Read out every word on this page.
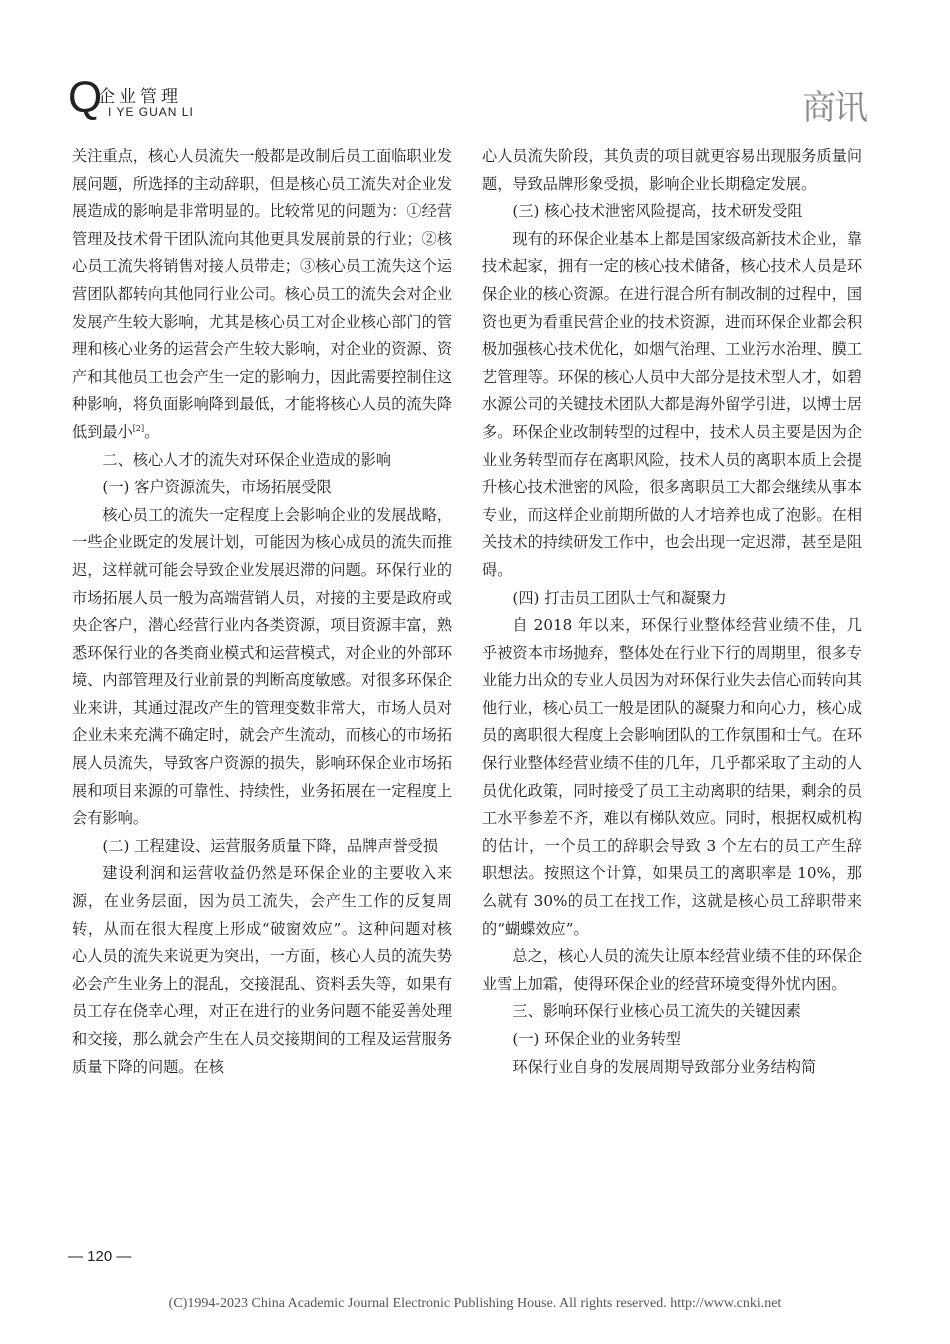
Q
企业管理
I YE GUAN LI	商讯

关注重点，核心人员流失一般都是改制后员工面临职业发展问题，所选择的主动辞职，但是核心员工流失对企业发展造成的影响是非常明显的。比较常见的问题为：①经营管理及技术骨干团队流向其他更具发展前景的行业；②核心员工流失将销售对接人员带走；③核心员工流失这个运营团队都转向其他同行业公司。核心员工的流失会对企业发展产生较大影响，尤其是核心员工对企业核心部门的管理和核心业务的运营会产生较大影响，对企业的资源、资产和其他员工也会产生一定的影响力，因此需要控制住这种影响，将负面影响降到最低，才能将核心人员的流失降低到最小[2]。

二、核心人才的流失对环保企业造成的影响

(一) 客户资源流失，市场拓展受限

核心员工的流失一定程度上会影响企业的发展战略，一些企业既定的发展计划，可能因为核心成员的流失而推迟，这样就可能会导致企业发展迟滞的问题。环保行业的市场拓展人员一般为高端营销人员，对接的主要是政府或央企客户，潜心经营行业内各类资源，项目资源丰富，熟悉环保行业的各类商业模式和运营模式，对企业的外部环境、内部管理及行业前景的判断高度敏感。对很多环保企业来讲，其通过混改产生的管理变数非常大，市场人员对企业未来充满不确定时，就会产生流动，而核心的市场拓展人员流失，导致客户资源的损失，影响环保企业市场拓展和项目来源的可靠性、持续性，业务拓展在一定程度上会有影响。

(二) 工程建设、运营服务质量下降，品牌声誉受损

建设利润和运营收益仍然是环保企业的主要收入来源，在业务层面，因为员工流失，会产生工作的反复周转，从而在很大程度上形成“破窗效应”。这种问题对核心人员的流失来说更为突出，一方面，核心人员的流失势必会产生业务上的混乱，交接混乱、资料丢失等，如果有员工存在侥幸心理，对正在进行的业务问题不能妥善处理和交接，那么就会产生在人员交接期间的工程及运营服务质量下降的问题。在核

心人员流失阶段，其负责的项目就更容易出现服务质量问题，导致品牌形象受损，影响企业长期稳定发展。

(三) 核心技术泄密风险提高，技术研发受阻

现有的环保企业基本上都是国家级高新技术企业，靠技术起家，拥有一定的核心技术储备，核心技术人员是环保企业的核心资源。在进行混合所有制改制的过程中，国资也更为看重民营企业的技术资源，进而环保企业都会积极加强核心技术优化，如烟气治理、工业污水治理、膜工艺管理等。环保的核心人员中大部分是技术型人才，如碧水源公司的关键技术团队大都是海外留学引进，以博士居多。环保企业改制转型的过程中，技术人员主要是因为企业业务转型而存在离职风险，技术人员的离职本质上会提升核心技术泄密的风险，很多离职员工大都会继续从事本专业，而这样企业前期所做的人才培养也成了泡影。在相关技术的持续研发工作中，也会出现一定迟滞，甚至是阻碍。

(四) 打击员工团队士气和凝聚力

自 2018 年以来，环保行业整体经营业绩不佳，几乎被资本市场抛弃，整体处在行业下行的周期里，很多专业能力出众的专业人员因为对环保行业失去信心而转向其他行业，核心员工一般是团队的凝聚力和向心力，核心成员的离职很大程度上会影响团队的工作氛围和士气。在环保行业整体经营业绩不佳的几年，几乎都采取了主动的人员优化政策，同时接受了员工主动离职的结果，剩余的员工水平参差不齐，难以有梯队效应。同时，根据权威机构的估计，一个员工的辞职会导致 3 个左右的员工产生辞职想法。按照这个计算，如果员工的离职率是 10%，那么就有 30%的员工在找工作，这就是核心员工辞职带来的“蝴蝶效应”。

总之，核心人员的流失让原本经营业绩不佳的环保企业雪上加霜，使得环保企业的经营环境变得外忧内困。

三、影响环保行业核心员工流失的关键因素

(一) 环保企业的业务转型

环保行业自身的发展周期导致部分业务结构简

— 120 —
(C)1994-2023 China Academic Journal Electronic Publishing House. All rights reserved. http://www.cnki.net
